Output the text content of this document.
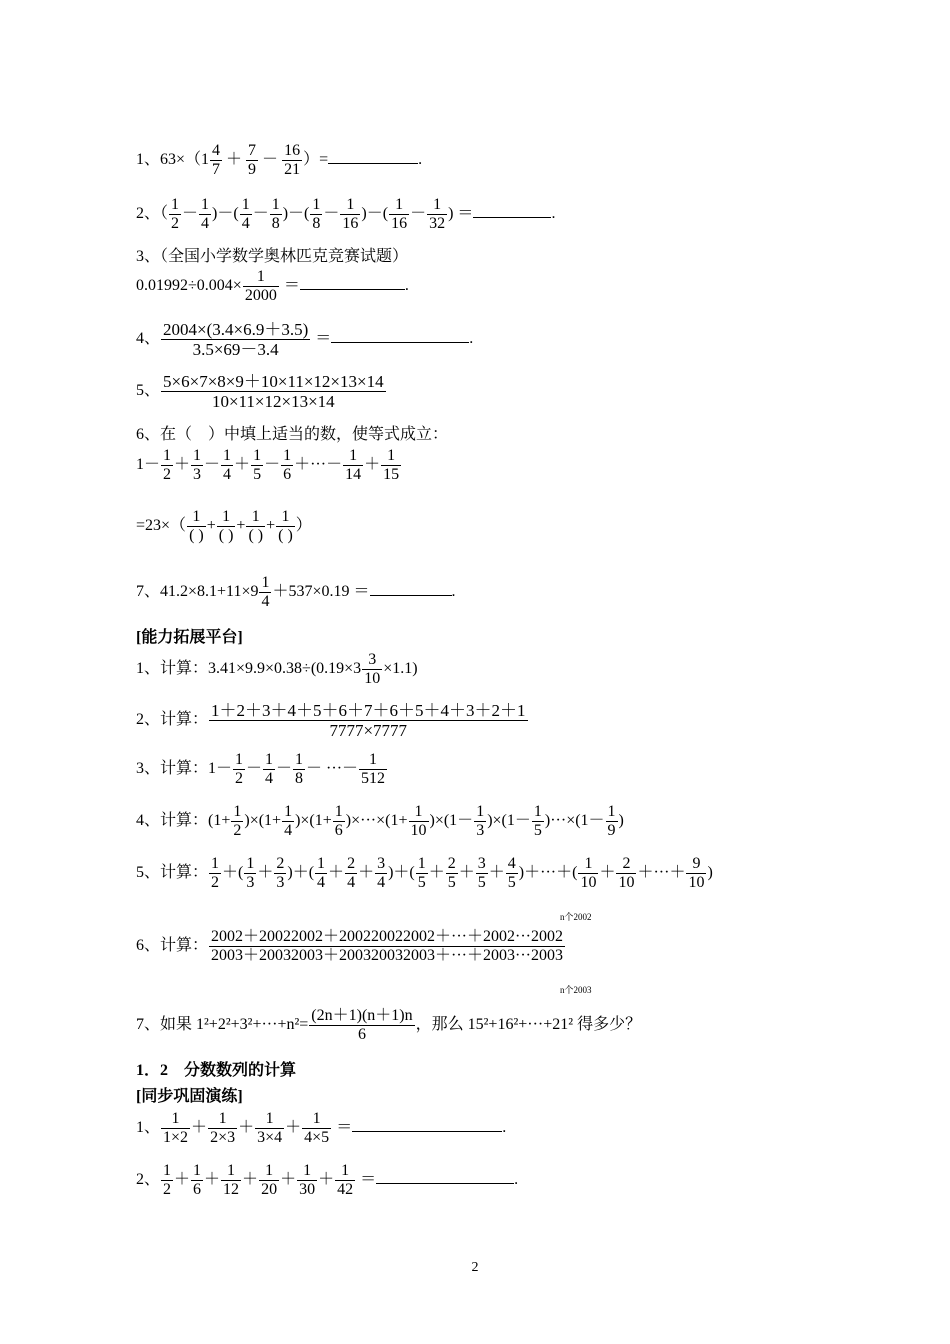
1、$63\times(1 \frac{4}{7} + \frac{7}{9} - \frac{16}{21}$ ）=	.
2、（ $\frac{1}{2} - \frac{1}{4}$ )－( $\frac{1}{4} - \frac{1}{8}$ )－( $\frac{1}{8} - \frac{1}{16}$ )－( $\frac{1}{16} - \frac{1}{32}$ ) ＝	.
3、（全国小学数学奥林匹克竞赛试题）
$0.01992\div 0.004\times \frac{1}{2000}$ ＝	.
4、 $\frac{2004\times(3.4\times 6.9+3.5)}{3.5\times 69-3.4}$ ＝	.
5、 $\frac{5\times 6\times 7\times 8\times 9+10\times 11\times 12\times 13\times 14}{10\times 11\times 12\times 13\times 14}$
6、在（　）中填上适当的数，使等式成立：
$1- \frac{1}{2} + \frac{1}{3} - \frac{1}{4} + \frac{1}{5} - \frac{1}{6}$ ＋···－ $\frac{1}{14} + \frac{1}{15}$
$=23\times( \frac{1}{( )} + \frac{1}{( )} + \frac{1}{( )} + \frac{1}{( )}$ ）
7、$41.2\times 8.1+11\times 9 \frac{1}{4} +537\times 0.19$ ＝	.
[能力拓展平台]
1、计算：$3.41\times 9.9\times 0.38\div(0.19\times 3 \frac{3}{10} \times 1.1)$
2、计算： $\frac{1+2+3+4+5+6+7+6+5+4+3+2+1}{7777\times 7777}$
3、计算：$1- \frac{1}{2} - \frac{1}{4} - \frac{1}{8}$ － ···－ $\frac{1}{512}$
4、计算：$(1+ \frac{1}{2} )\times(1+ \frac{1}{4} )\times(1+ \frac{1}{6} )\times\cdot\cdot\cdot\times(1+ \frac{1}{10} )\times(1- \frac{1}{3} )\times(1- \frac{1}{5} )\cdot\cdot\cdot\times(1- \frac{1}{9}$ )
5、计算： $\frac{1}{2}$ ＋( $\frac{1}{3} + \frac{2}{3}$ )＋( $\frac{1}{4} + \frac{2}{4} + \frac{3}{4}$ )＋( $\frac{1}{5} + \frac{2}{5} + \frac{3}{5} + \frac{4}{5}$ )＋···＋( $\frac{1}{10} + \frac{2}{10}$ ＋···＋ $\frac{9}{10}$ )
n个2002
6、计算： $\frac{2002+20022002+200220022002+\cdot\cdot\cdot+2002\cdot\cdot\cdot 2002}{2003+20032003+200320032003+\cdot\cdot\cdot+2003\cdot\cdot\cdot 2003}$
n个2003
7、如果 $1^2+2^2+3^2+\cdot\cdot\cdot+n^2= \frac{(2n+1)(n+1)n}{6}$ ，那么 15²+16²+···+21² 得多少？
1．2　分数数列的计算
[同步巩固演练]
1、 $\frac{1}{1\times 2} + \frac{1}{2\times 3} + \frac{1}{3\times 4} + \frac{1}{4\times 5}$ ＝	.
2、 $\frac{1}{2} + \frac{1}{6} + \frac{1}{12} + \frac{1}{20} + \frac{1}{30} + \frac{1}{42}$ ＝	.
2
